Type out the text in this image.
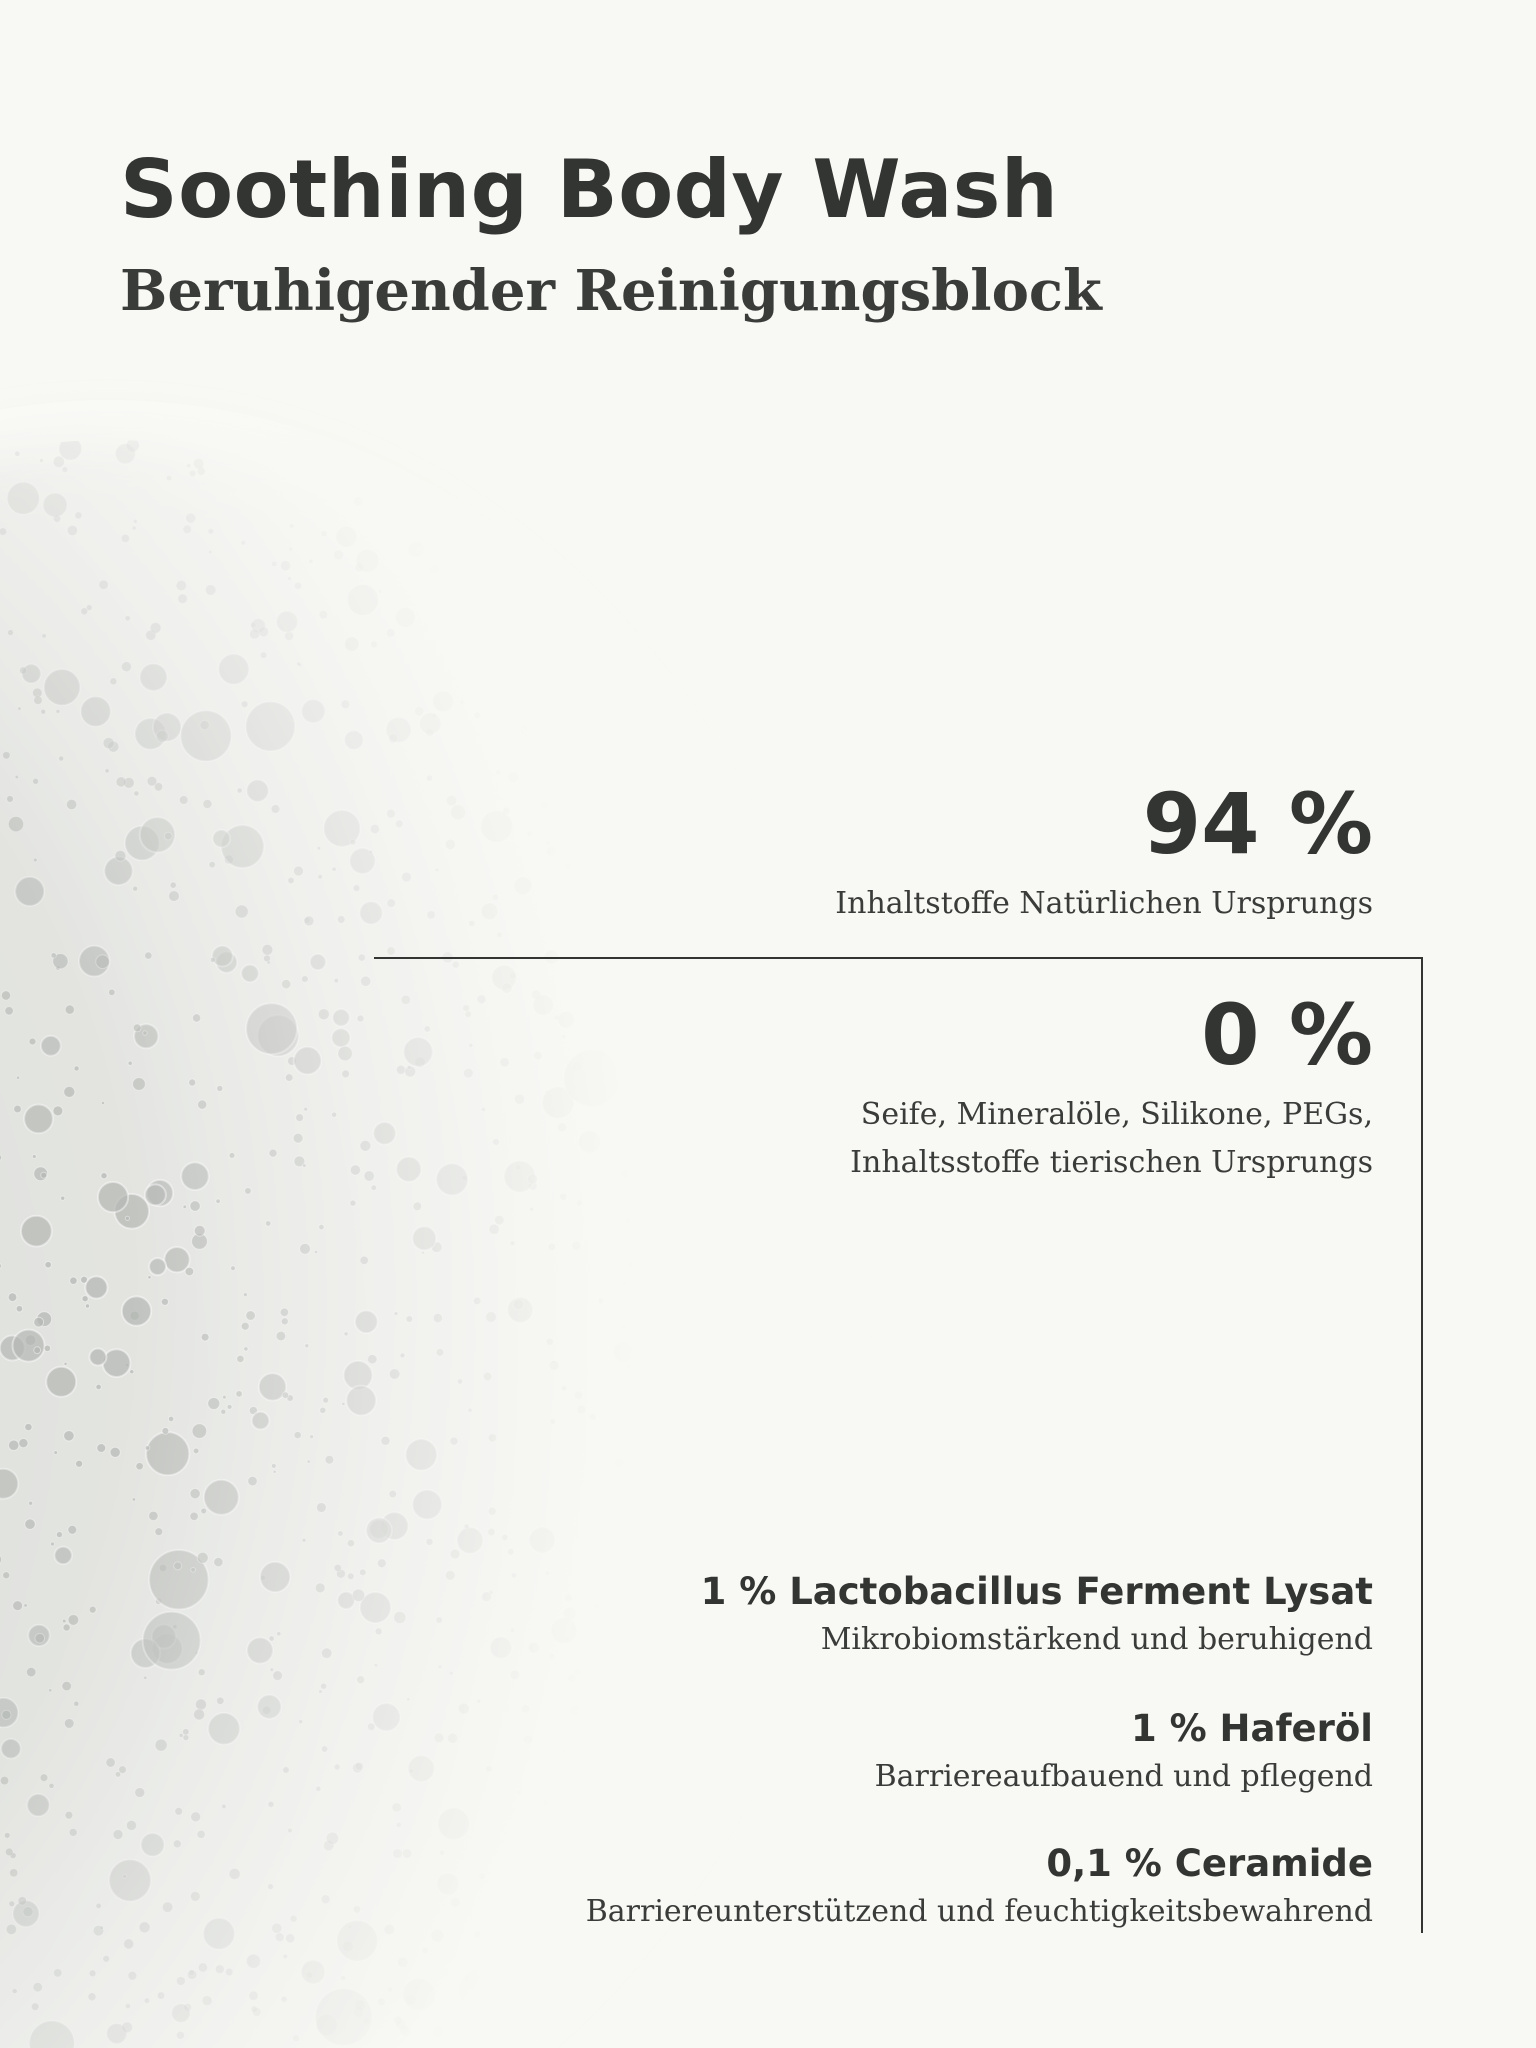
Soothing Body Wash
Beruhigender Reinigungsblock
94 %
Inhaltstoffe Natürlichen Ursprungs
0 %
Seife, Mineralöle, Silikone, PEGs,
Inhaltsstoffe tierischen Ursprungs
1 % Lactobacillus Ferment Lysat
Mikrobiomstärkend und beruhigend
1 % Haferöl
Barriereaufbauend und pflegend
0,1 % Ceramide
Barriereunterstützend und feuchtigkeitsbewahrend
